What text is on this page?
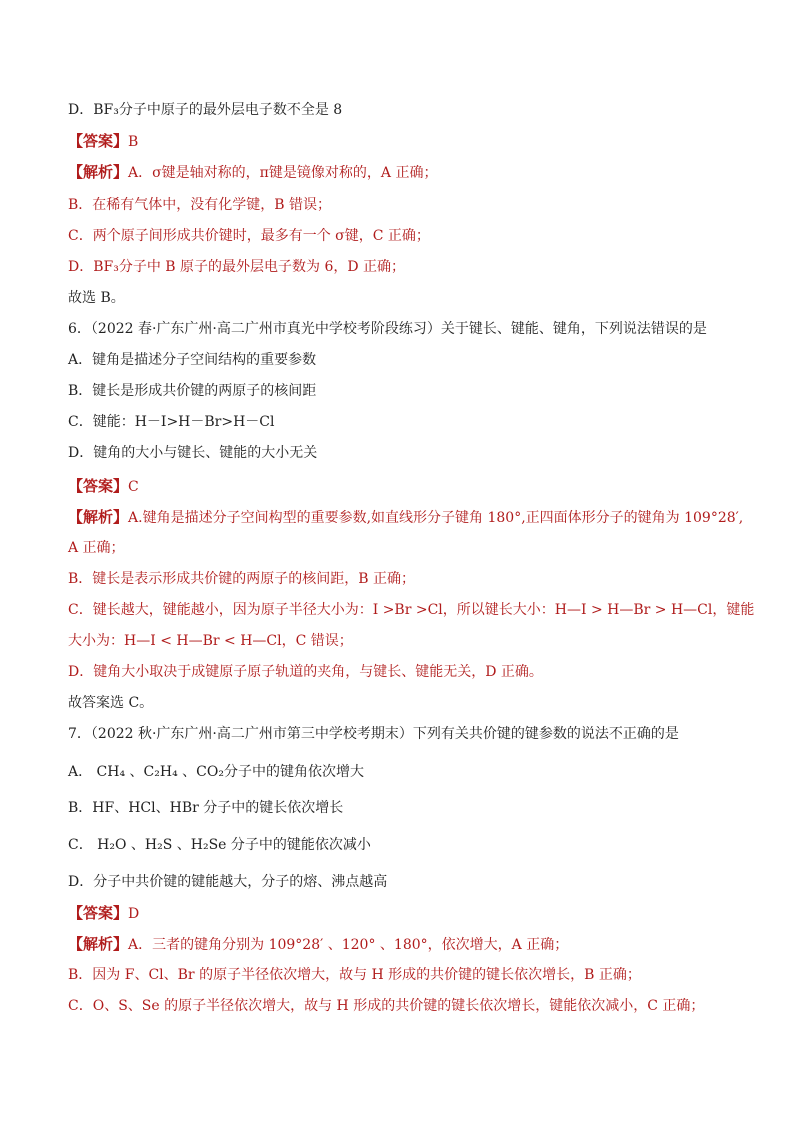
D．BF₃分子中原子的最外层电子数不全是 8
【答案】B
【解析】A．σ键是轴对称的，π键是镜像对称的，A 正确；
B．在稀有气体中，没有化学键，B 错误；
C．两个原子间形成共价键时，最多有一个 σ键，C 正确；
D．BF₃分子中 B 原子的最外层电子数为 6，D 正确；
故选 B。
6．（2022 春·广东广州·高二广州市真光中学校考阶段练习）关于键长、键能、键角，下列说法错误的是
A．键角是描述分子空间结构的重要参数
B．键长是形成共价键的两原子的核间距
C．键能：H－I>H－Br>H－Cl
D．键角的大小与键长、键能的大小无关
【答案】C
【解析】A.键角是描述分子空间构型的重要参数,如直线形分子键角 180°,正四面体形分子的键角为 109°28′,
A 正确；
B．键长是表示形成共价键的两原子的核间距，B 正确；
C．键长越大，键能越小，因为原子半径大小为：I >Br >Cl，所以键长大小：H—I > H—Br > H—Cl，键能
大小为：H—I < H—Br < H—Cl，C 错误；
D．键角大小取决于成键原子原子轨道的夹角，与键长、键能无关，D 正确。
故答案选 C。
7．（2022 秋·广东广州·高二广州市第三中学校考期末）下列有关共价键的键参数的说法不正确的是
A． CH₄ 、C₂H₄ 、CO₂分子中的键角依次增大
B．HF、HCl、HBr 分子中的键长依次增长
C． H₂O 、H₂S 、H₂Se 分子中的键能依次减小
D．分子中共价键的键能越大，分子的熔、沸点越高
【答案】D
【解析】A．三者的键角分别为 109°28′ 、120° 、180°，依次增大，A 正确；
B．因为 F、Cl、Br 的原子半径依次增大，故与 H 形成的共价键的键长依次增长，B 正确；
C．O、S、Se 的原子半径依次增大，故与 H 形成的共价键的键长依次增长，键能依次减小，C 正确；
